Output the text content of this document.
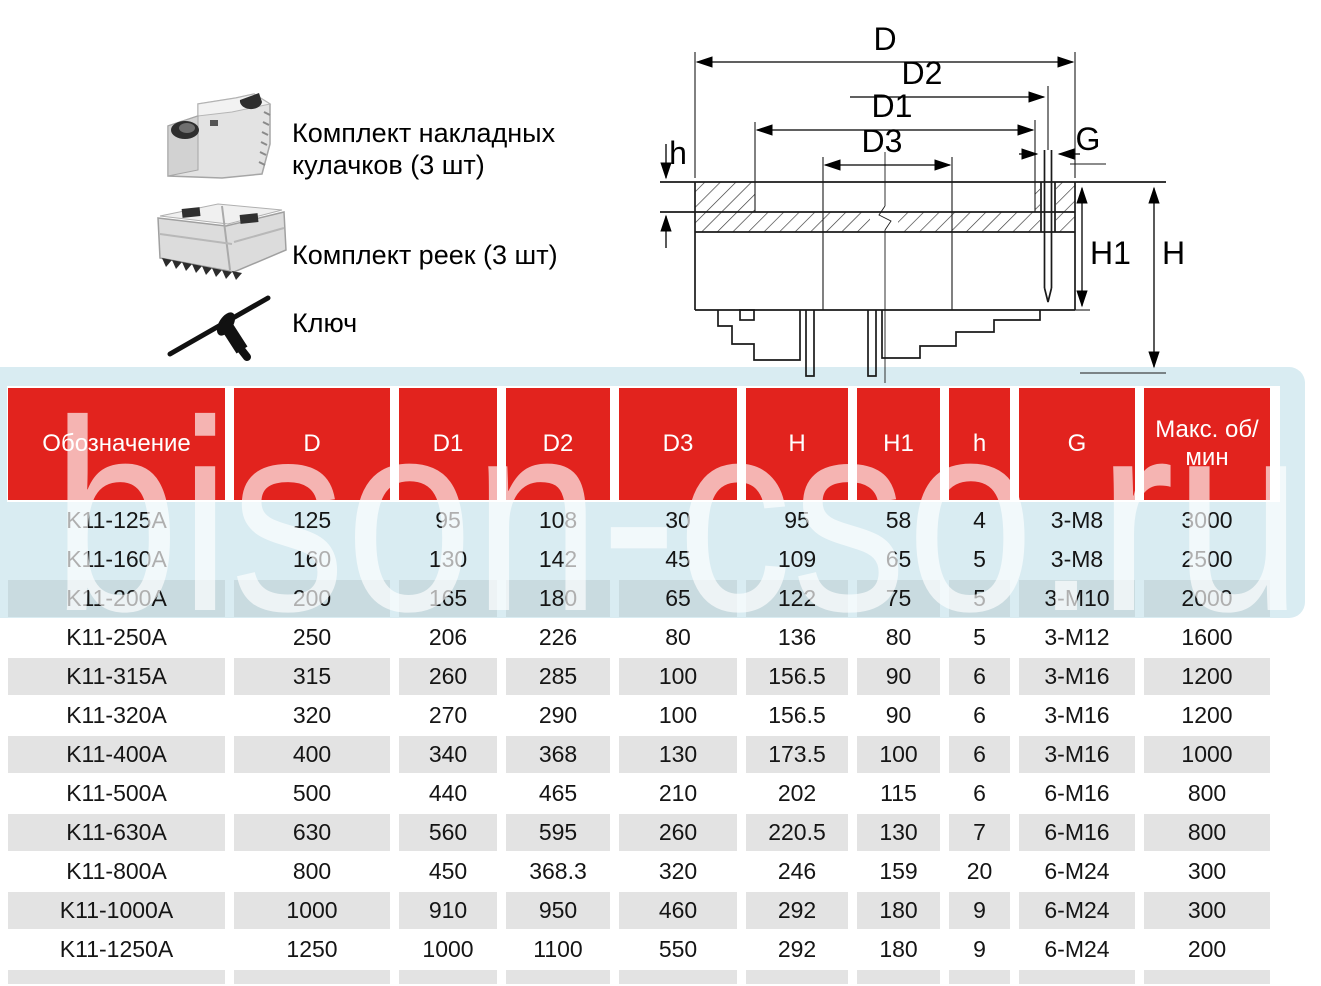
Комплект накладных кулачков (3 шт)
Комплект реек (3 шт)
Ключ
D
D2
D1
D3	G
h
H1 H
Обозначение	D	D1	D2	D3	H	H1	h	G	Макс. об/мин
K11-125A	125	95	108	30	95	58	4	3-M8	3000
K11-160A	160	130	142	45	109	65	5	3-M8	2500
K11-200A	200	165	180	65	122	75	5	3-M10	2000
K11-250A	250	206	226	80	136	80	5	3-M12	1600
K11-315A	315	260	285	100	156.5	90	6	3-M16	1200
K11-320A	320	270	290	100	156.5	90	6	3-M16	1200
K11-400A	400	340	368	130	173.5	100	6	3-M16	1000
K11-500A	500	440	465	210	202	115	6	6-M16	800
K11-630A	630	560	595	260	220.5	130	7	6-M16	800
K11-800A	800	450	368.3	320	246	159	20	6-M24	300
K11-1000A	1000	910	950	460	292	180	9	6-M24	300
K11-1250A	1250	1000	1100	550	292	180	9	6-M24	200

bison-cso.ru
